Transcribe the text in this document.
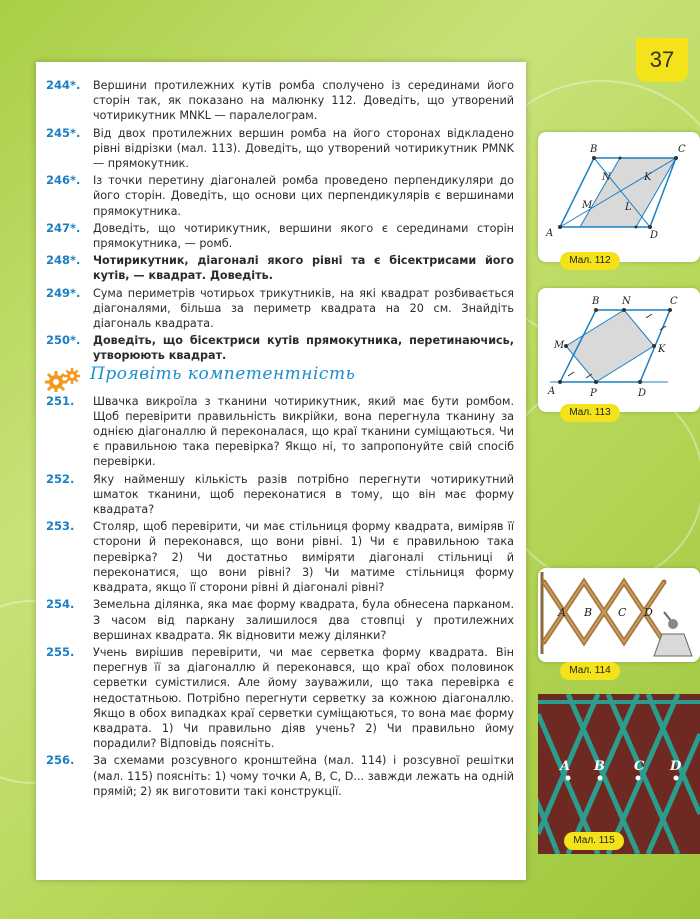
37
244*. Вершини протилежних кутів ромба сполучено із серединами його сторін так, як показано на малюнку 112. Доведіть, що утворений чотирикутник MNKL — паралелограм.
245*. Від двох протилежних вершин ромба на його сторонах відкладено рівні відрізки (мал. 113). Доведіть, що утворений чотирикутник PMNK — прямокутник.
246*. Із точки перетину діагоналей ромба проведено перпендикуляри до його сторін. Доведіть, що основи цих перпендикулярів є вершинами прямокутника.
247*. Доведіть, що чотирикутник, вершини якого є серединами сторін прямокутника, — ромб.
248*. Чотирикутник, діагоналі якого рівні та є бісектрисами його кутів, — квадрат. Доведіть.
249*. Сума периметрів чотирьох трикутників, на які квадрат розбивається діагоналями, більша за периметр квадрата на 20 см. Знайдіть діагональ квадрата.
250*. Доведіть, що бісектриси кутів прямокутника, перетинаючись, утворюють квадрат.
Проявіть компетентність
251. Швачка викроїла з тканини чотирикутник, який має бути ромбом. Щоб перевірити правильність викрійки, вона перегнула тканину за однією діагоналлю й переконалася, що краї тканини суміщаються. Чи є правильною така перевірка? Якщо ні, то запропонуйте свій спосіб перевірки.
252. Яку найменшу кількість разів потрібно перегнути чотирикутний шматок тканини, щоб переконатися в тому, що він має форму квадрата?
253. Столяр, щоб перевірити, чи має стільниця форму квадрата, виміряв її сторони й переконався, що вони рівні. 1) Чи є правильною така перевірка? 2) Чи достатньо виміряти діагоналі стільниці й переконатися, що вони рівні? 3) Чи матиме стільниця форму квадрата, якщо її сторони рівні й діагоналі рівні?
254. Земельна ділянка, яка має форму квадрата, була обнесена парканом. З часом від паркану залишилося два стовпці у протилежних вершинах квадрата. Як відновити межу ділянки?
255. Учень вирішив перевірити, чи має серветка форму квадрата. Він перегнув її за діагоналлю й переконався, що краї обох половинок серветки сумістилися. Але йому зауважили, що така перевірка є недостатньою. Потрібно перегнути серветку за кожною діагоналлю. Якщо в обох випадках краї серветки суміщаються, то вона має форму квадрата. 1) Чи правильно діяв учень? 2) Чи правильно йому порадили? Відповідь поясніть.
256. За схемами розсувного кронштейна (мал. 114) і розсувної решітки (мал. 115) поясніть: 1) чому точки A, B, C, D... завжди лежать на одній прямій; 2) як виготовити такі конструкції.
B	C
N	K
M	L
A	D
Мал. 112
B N	C
M	K
A	P	D
Мал. 113
A B C D
Мал. 114
A B C D
Мал. 115
